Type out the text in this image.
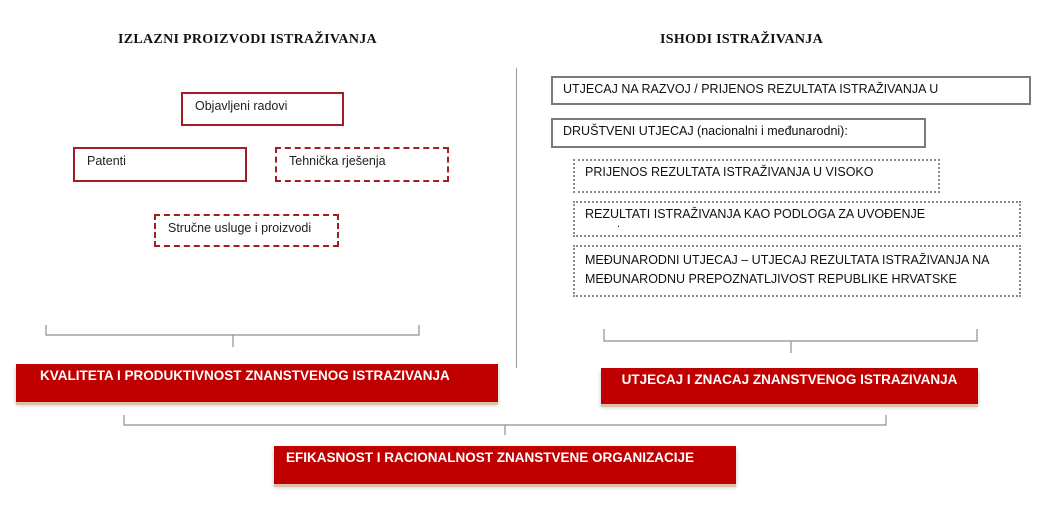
IZLAZNI PROIZVODI ISTRAŽIVANJA	ISHODI ISTRAŽIVANJA
Objavljeni radovi
Patenti	Tehnička rješenja
Stručne usluge i proizvodi
UTJECAJ NA RAZVOJ / PRIJENOS REZULTATA ISTRAŽIVANJA U
DRUŠTVENI UTJECAJ (nacionalni i međunarodni):
PRIJENOS REZULTATA ISTRAŽIVANJA U VISOKO
REZULTATI ISTRAŽIVANJA KAO PODLOGA ZA UVOĐENJE
.
MEĐUNARODNI UTJECAJ – UTJECAJ REZULTATA ISTRAŽIVANJA NA
MEĐUNARODNU PREPOZNATLJIVOST REPUBLIKE HRVATSKE
KVALITETA I PRODUKTIVNOST ZNANSTVENOG ISTRAZIVANJA	UTJECAJ I ZNACAJ ZNANSTVENOG ISTRAZIVANJA
EFIKASNOST I RACIONALNOST ZNANSTVENE ORGANIZACIJE
